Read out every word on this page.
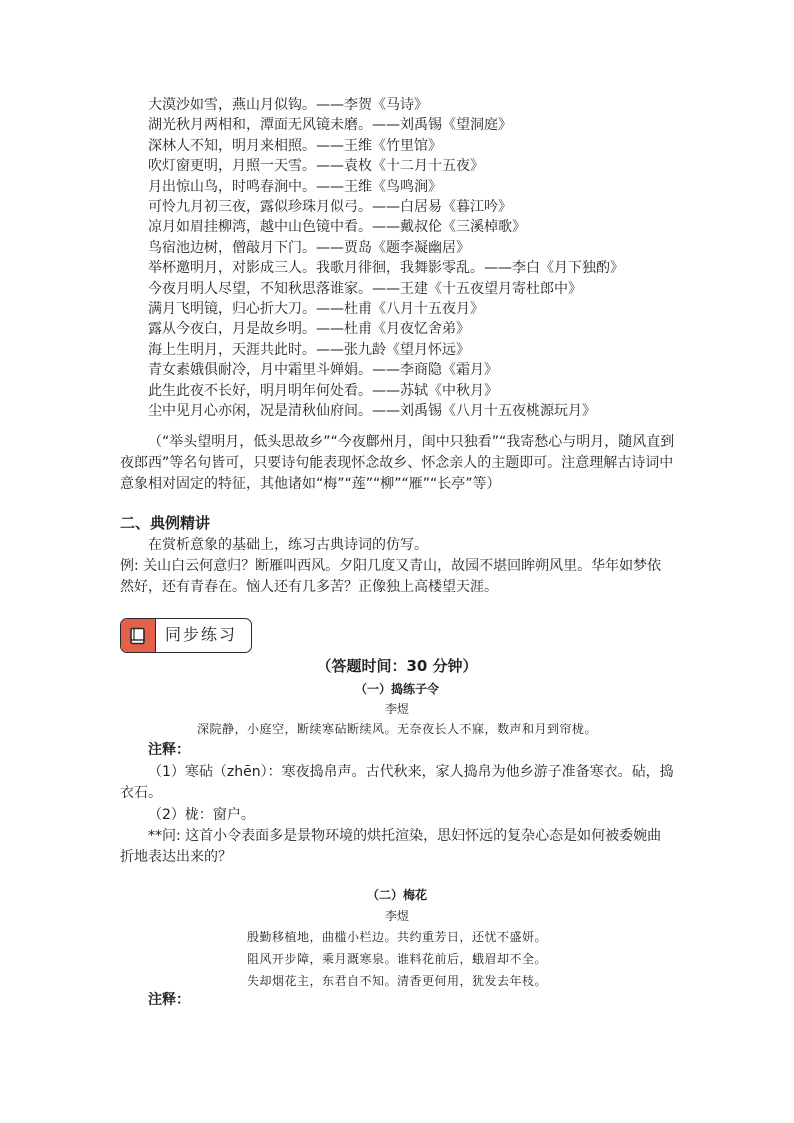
大漠沙如雪，燕山月似钩。——李贺《马诗》
湖光秋月两相和，潭面无风镜未磨。——刘禹锡《望洞庭》
深林人不知，明月来相照。——王维《竹里馆》
吹灯窗更明，月照一天雪。——袁枚《十二月十五夜》
月出惊山鸟，时鸣春涧中。——王维《鸟鸣涧》
可怜九月初三夜，露似珍珠月似弓。——白居易《暮江吟》
凉月如眉挂柳湾，越中山色镜中看。——戴叔伦《三溪棹歌》
鸟宿池边树，僧敲月下门。——贾岛《题李凝幽居》
举杯邀明月，对影成三人。我歌月徘徊，我舞影零乱。——李白《月下独酌》
今夜月明人尽望，不知秋思落谁家。——王建《十五夜望月寄杜郎中》
满月飞明镜，归心折大刀。——杜甫《八月十五夜月》
露从今夜白，月是故乡明。——杜甫《月夜忆舍弟》
海上生明月，天涯共此时。——张九龄《望月怀远》
青女素娥俱耐冷，月中霜里斗婵娟。——李商隐《霜月》
此生此夜不长好，明月明年何处看。——苏轼《中秋月》
尘中见月心亦闲，况是清秋仙府间。——刘禹锡《八月十五夜桃源玩月》
（“举头望明月，低头思故乡”“今夜鄜州月，闺中只独看”“我寄愁心与明月，随风直到夜郎西”等名句皆可，只要诗句能表现怀念故乡、怀念亲人的主题即可。注意理解古诗词中意象相对固定的特征，其他诸如“梅”“莲”“柳”“雁”“长亭”等）
二、典例精讲
在赏析意象的基础上，练习古典诗词的仿写。
例: 关山白云何意归？断雁叫西风。夕阳几度又青山，故园不堪回眸朔风里。华年如梦依然好，还有青春在。恼人还有几多苦？正像独上高楼望天涯。
同步练习
（答题时间：30 分钟）
（一）捣练子令
李煜
深院静，小庭空，断续寒砧断续风。无奈夜长人不寐，数声和月到帘栊。
注释：
（1）寒砧（zhēn）：寒夜捣帛声。古代秋来，家人捣帛为他乡游子准备寒衣。砧，捣衣石。
（2）栊：窗户。
**问: 这首小令表面多是景物环境的烘托渲染，思妇怀远的复杂心态是如何被委婉曲折地表达出来的？
（二）梅花
李煜
殷勤移植地，曲槛小栏边。共约重芳日，还忧不盛妍。
阻风开步障，乘月溉寒泉。谁料花前后，蛾眉却不全。
失却烟花主，东君自不知。清香更何用，犹发去年枝。
注释：
